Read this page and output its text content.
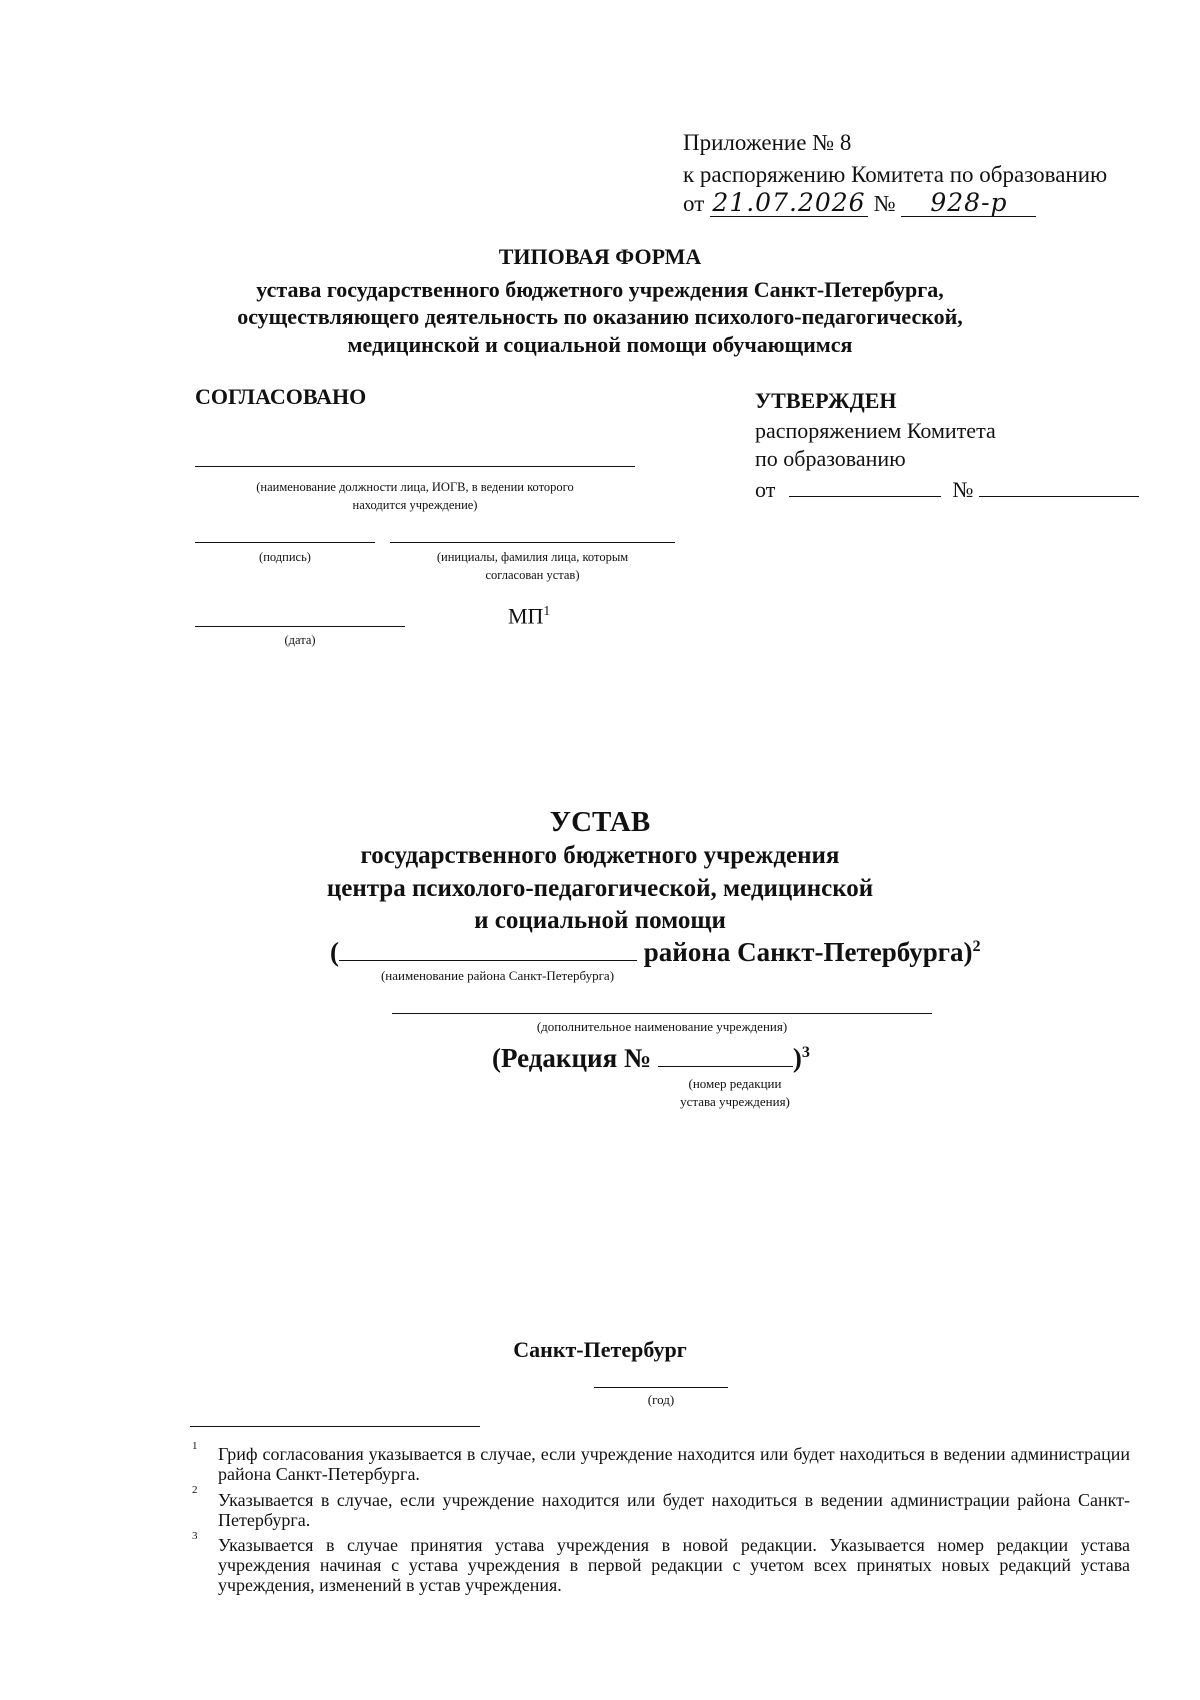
Приложение № 8
к распоряжению Комитета по образованию
от 21.07.2026 № 928-р
ТИПОВАЯ ФОРМА
устава государственного бюджетного учреждения Санкт-Петербурга,
осуществляющего деятельность по оказанию психолого-педагогической,
медицинской и социальной помощи обучающимся
СОГЛАСОВАНО
(наименование должности лица, ИОГВ, в ведении которого
находится учреждение)
(подпись)	(инициалы, фамилия лица, которым
согласован устав)
$МП^1$
(дата)
УТВЕРЖДЕН
распоряжением Комитета
по образованию
от	№
УСТАВ
государственного бюджетного учреждения
центра психолого-педагогической, медицинской
и социальной помощи
(	района Санкт-Петербурга)$^2$
(наименование района Санкт-Петербурга)
(дополнительное наименование учреждения)
(Редакция №	)$^3$
(номер редакции
устава учреждения)
Санкт-Петербург
(год)
1 Гриф согласования указывается в случае, если учреждение находится или будет находиться в ведении администрации района Санкт-Петербурга.
2 Указывается в случае, если учреждение находится или будет находиться в ведении администрации района Санкт-Петербурга.
3 Указывается в случае принятия устава учреждения в новой редакции. Указывается номер редакции устава учреждения начиная с устава учреждения в первой редакции с учетом всех принятых новых редакций устава учреждения, изменений в устав учреждения.
